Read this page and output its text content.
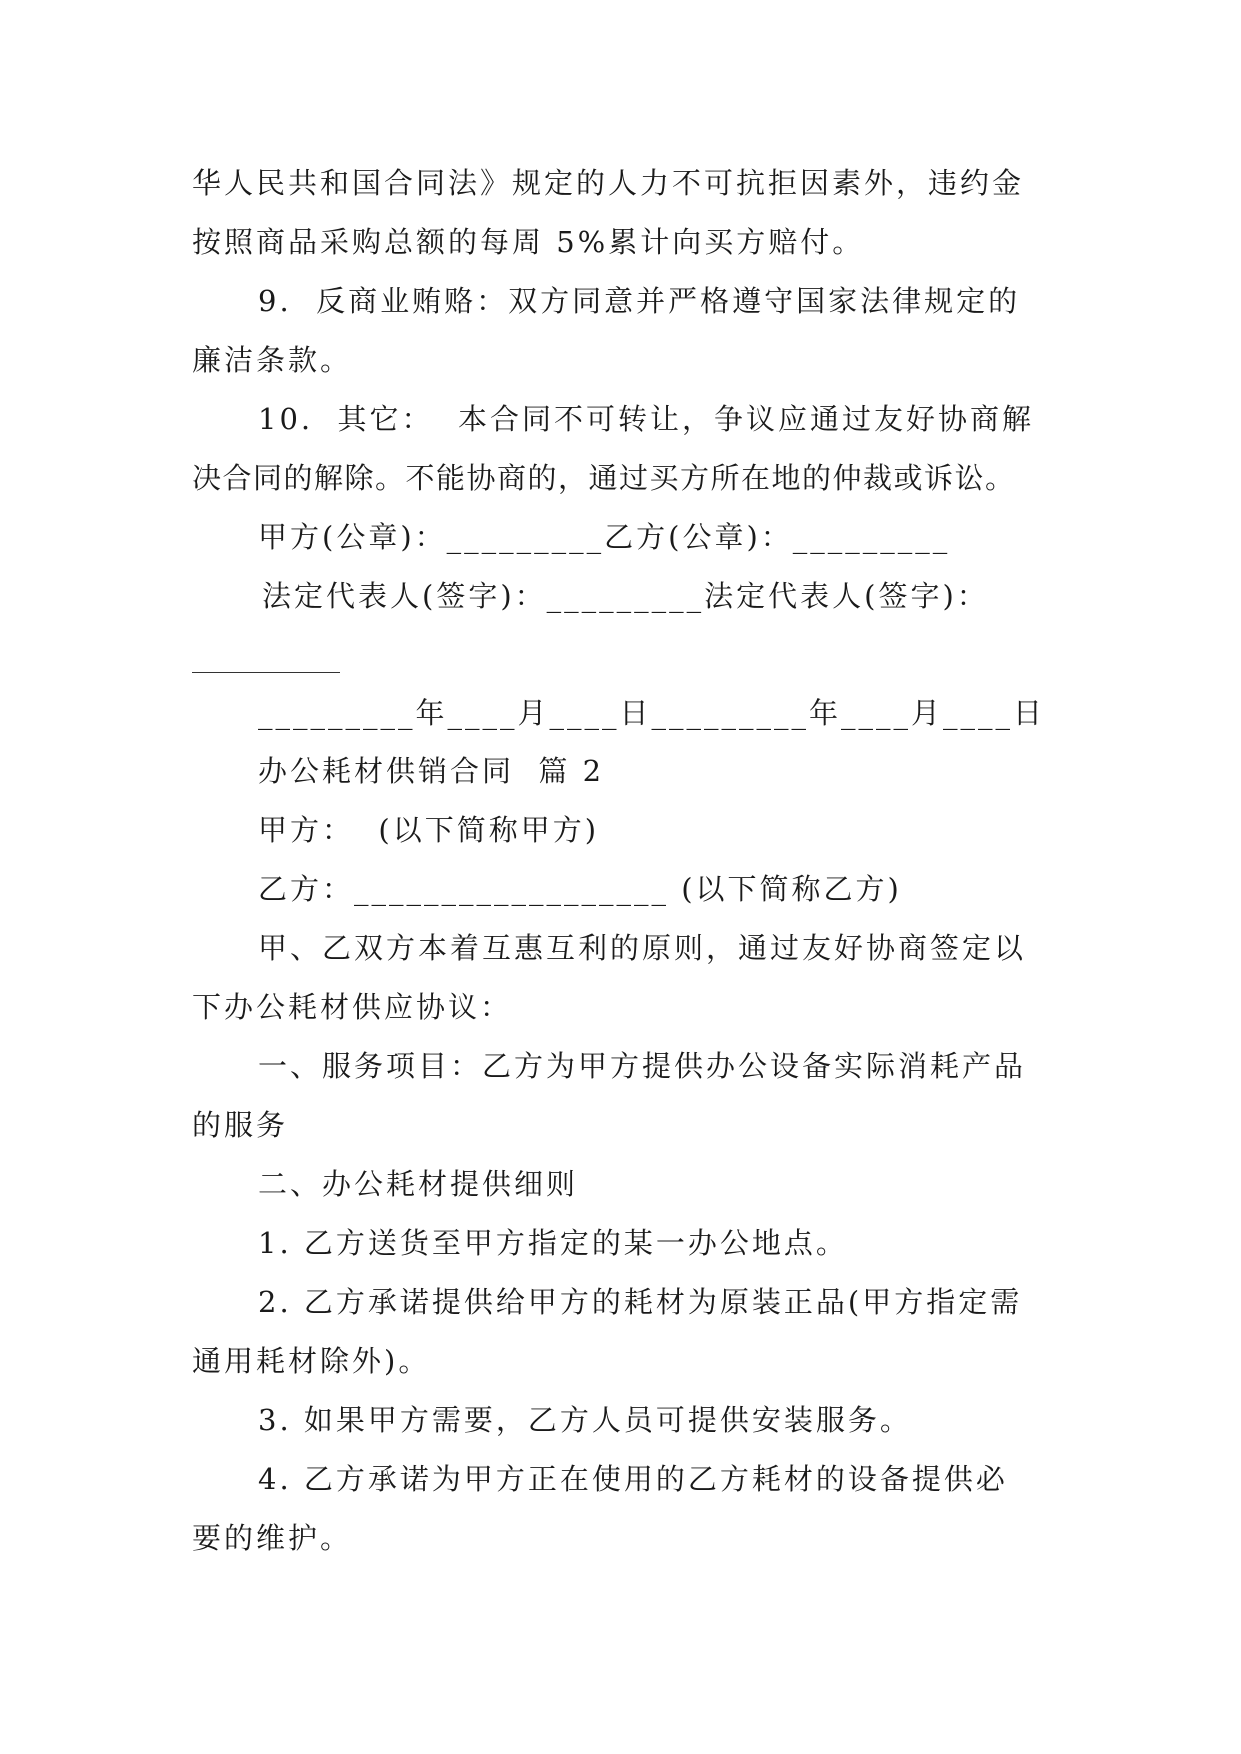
华人民共和国合同法》规定的人力不可抗拒因素外，违约金
按照商品采购总额的每周 5%累计向买方赔付。
9.  反商业贿赂：双方同意并严格遵守国家法律规定的
廉洁条款。
10.  其它：  本合同不可转让，争议应通过友好协商解
决合同的解除。不能协商的，通过买方所在地的仲裁或诉讼。
甲方(公章)：_________乙方(公章)：_________
法定代表人(签字)：_________法定代表人(签字)：
_________年____月____日_________年____月____日
办公耗材供销合同  篇 2
甲方：  (以下简称甲方)
乙方：__________________ (以下简称乙方)
甲、乙双方本着互惠互利的原则，通过友好协商签定以
下办公耗材供应协议：
一、服务项目：乙方为甲方提供办公设备实际消耗产品
的服务
二、办公耗材提供细则
1. 乙方送货至甲方指定的某一办公地点。
2. 乙方承诺提供给甲方的耗材为原装正品(甲方指定需
通用耗材除外)。
3. 如果甲方需要，乙方人员可提供安装服务。
4. 乙方承诺为甲方正在使用的乙方耗材的设备提供必
要的维护。
